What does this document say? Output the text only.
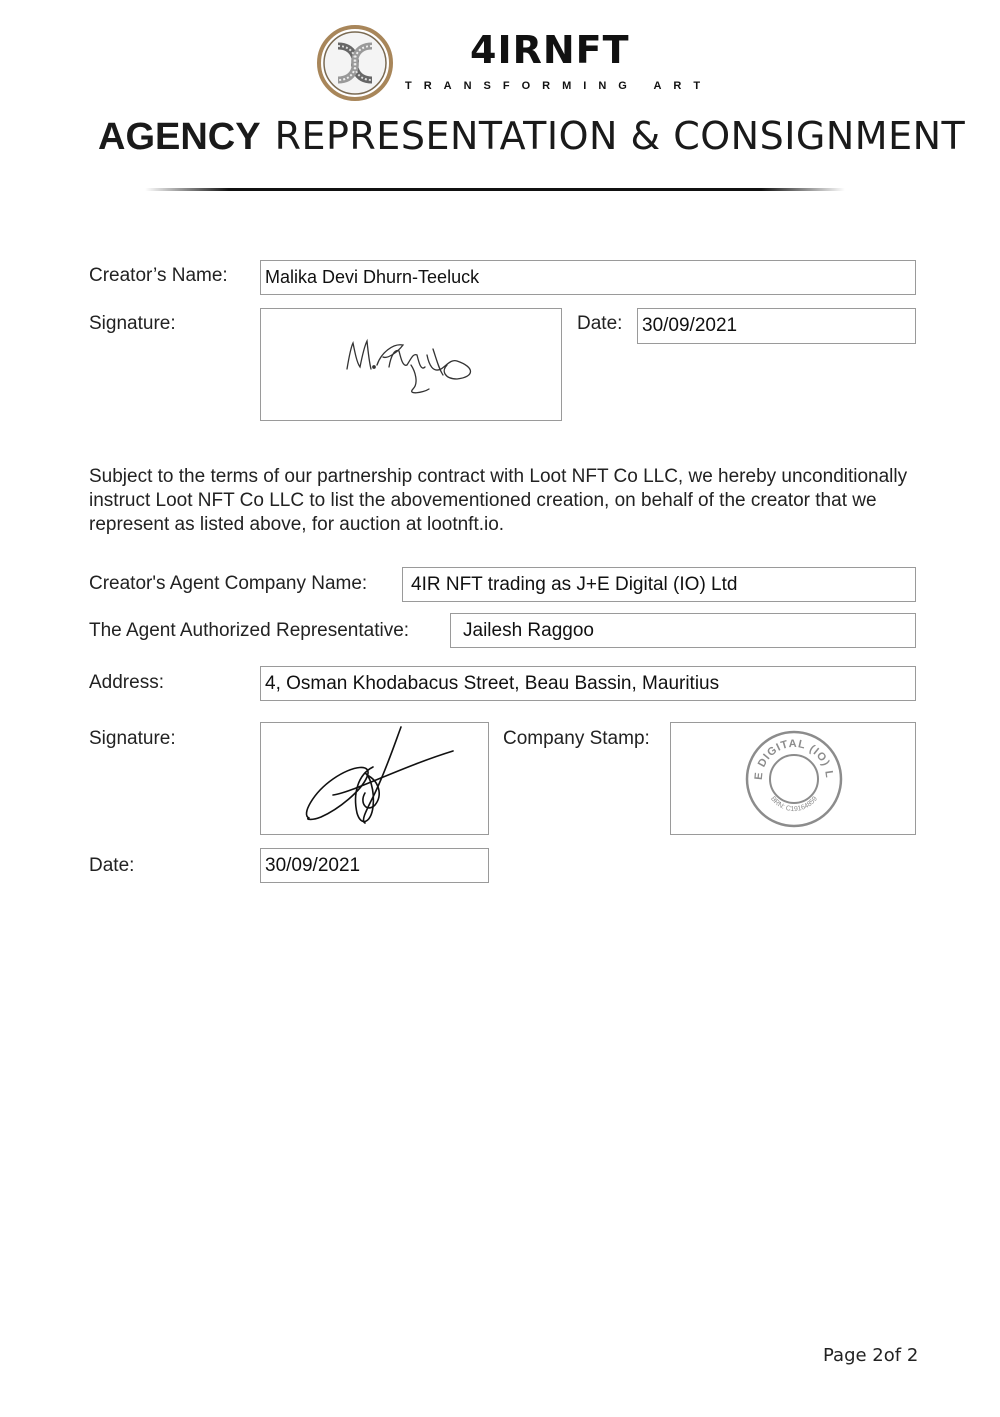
4IRNFT
TRANSFORMING ART
AGENCY REPRESENTATION & CONSIGNMENT
Creator’s Name: Malika Devi Dhurn-Teeluck
Signature:	Date: 30/09/2021
Subject to the terms of our partnership contract with Loot NFT Co LLC, we hereby unconditionally instruct Loot NFT Co LLC to list the abovementioned creation, on behalf of the creator that we represent as listed above, for auction at lootnft.io.
Creator's Agent Company Name:	4IR NFT trading as J+E Digital (IO) Ltd
The Agent Authorized Representative:	Jailesh Raggoo
Address:	4, Osman Khodabacus Street, Beau Bassin, Mauritius
Signature:	Company Stamp:
E DIGITAL (IO) L
BRN: C19164859
Date:	30/09/2021
Page 2of 2
